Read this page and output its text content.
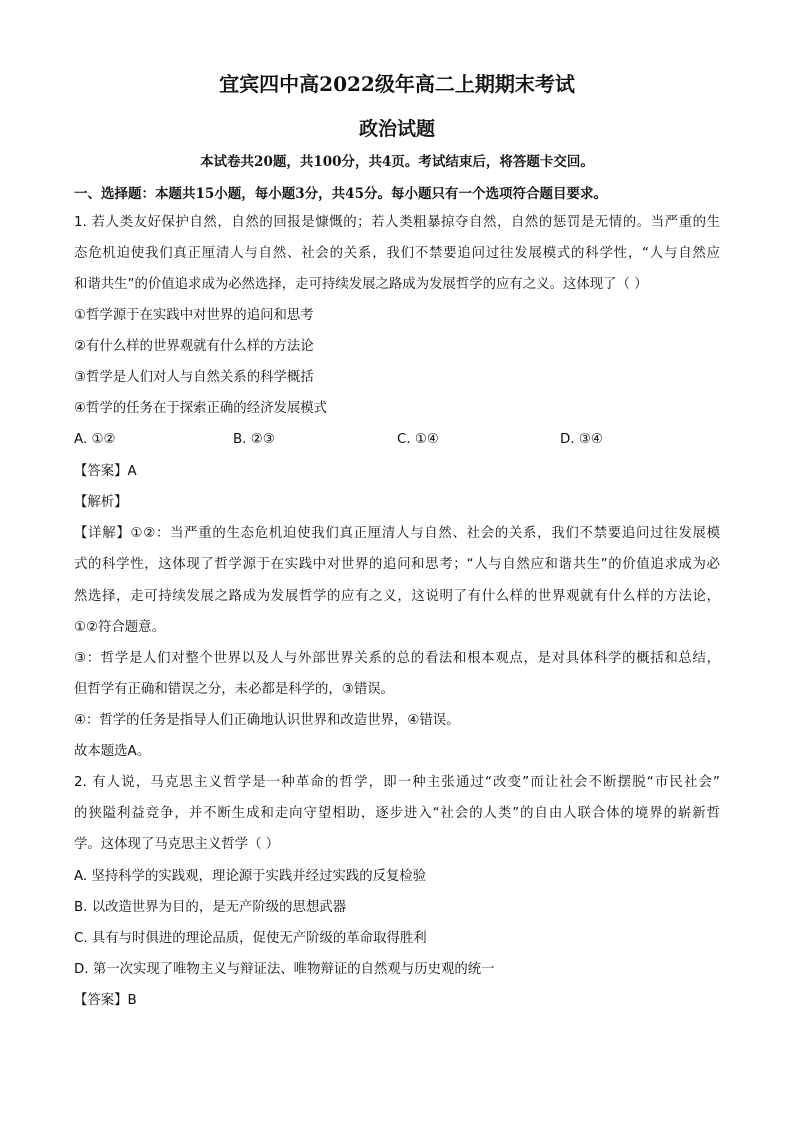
宜宾四中高2022级年高二上期期末考试
政治试题
本试卷共20题，共100分，共4页。考试结束后，将答题卡交回。
一、选择题：本题共15小题，每小题3分，共45分。每小题只有一个选项符合题目要求。
1. 若人类友好保护自然，自然的回报是慷慨的；若人类粗暴掠夺自然，自然的惩罚是无情的。当严重的生
态危机迫使我们真正厘清人与自然、社会的关系，我们不禁要追问过往发展模式的科学性，“人与自然应
和谐共生”的价值追求成为必然选择，走可持续发展之路成为发展哲学的应有之义。这体现了（ ）
①哲学源于在实践中对世界的追问和思考
②有什么样的世界观就有什么样的方法论
③哲学是人们对人与自然关系的科学概括
④哲学的任务在于探索正确的经济发展模式
A. ①②	B. ②③	C. ①④	D. ③④
【答案】A
【解析】
【详解】①②：当严重的生态危机迫使我们真正厘清人与自然、社会的关系，我们不禁要追问过往发展模
式的科学性，这体现了哲学源于在实践中对世界的追问和思考；“人与自然应和谐共生”的价值追求成为必
然选择，走可持续发展之路成为发展哲学的应有之义，这说明了有什么样的世界观就有什么样的方法论，
①②符合题意。
③：哲学是人们对整个世界以及人与外部世界关系的总的看法和根本观点，是对具体科学的概括和总结，
但哲学有正确和错误之分，未必都是科学的，③错误。
④：哲学的任务是指导人们正确地认识世界和改造世界，④错误。
故本题选A。
2. 有人说，马克思主义哲学是一种革命的哲学，即一种主张通过“改变”而让社会不断摆脱“市民社会”
的狭隘利益竞争，并不断生成和走向守望相助，逐步进入“社会的人类”的自由人联合体的境界的崭新哲
学。这体现了马克思主义哲学（ ）
A. 坚持科学的实践观，理论源于实践并经过实践的反复检验
B. 以改造世界为目的，是无产阶级的思想武器
C. 具有与时俱进的理论品质，促使无产阶级的革命取得胜利
D. 第一次实现了唯物主义与辩证法、唯物辩证的自然观与历史观的统一
【答案】B
